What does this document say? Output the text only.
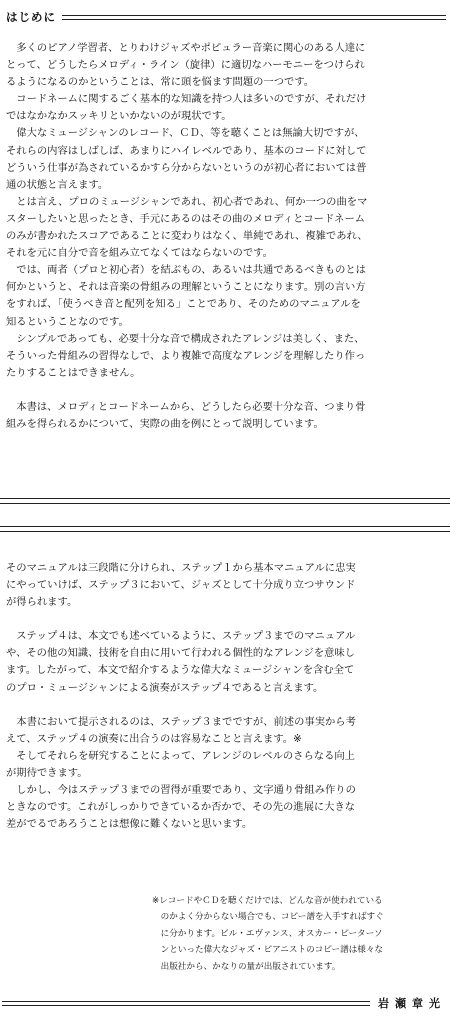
はじめに

　多くのピアノ学習者、とりわけジャズやポピュラー音楽に関心のある人達に

とって、どうしたらメロディ・ライン（旋律）に適切なハーモニーをつけられ

るようになるのかということは、常に頭を悩ます問題の一つです。

　コードネームに関するごく基本的な知識を持つ人は多いのですが、それだけ

ではなかなかスッキリといかないのが現状です。

　偉大なミュージシャンのレコード、ＣＤ、等を聴くことは無論大切ですが、

それらの内容はしばしば、あまりにハイレベルであり、基本のコードに対して

どういう仕事が為されているかすら分からないというのが初心者においては普

通の状態と言えます。

　とは言え、プロのミュージシャンであれ、初心者であれ、何か一つの曲をマ

スターしたいと思ったとき、手元にあるのはその曲のメロディとコードネーム

のみが書かれたスコアであることに変わりはなく、単純であれ、複雑であれ、

それを元に自分で音を組み立てなくてはならないのです。

　では、両者（プロと初心者）を結ぶもの、あるいは共通であるべきものとは

何かというと、それは音楽の骨組みの理解ということになります。別の言い方

をすれば、「使うべき音と配列を知る」ことであり、そのためのマニュアルを

知るということなのです。

　シンプルであっても、必要十分な音で構成されたアレンジは美しく、また、

そういった骨組みの習得なしで、より複雑で高度なアレンジを理解したり作っ

たりすることはできません。

　本書は、メロディとコードネームから、どうしたら必要十分な音、つまり骨

組みを得られるかについて、実際の曲を例にとって説明しています。

そのマニュアルは三段階に分けられ、ステップ１から基本マニュアルに忠実

にやっていけば、ステップ３において、ジャズとして十分成り立つサウンド

が得られます。

　ステップ４は、本文でも述べているように、ステップ３までのマニュアル

や、その他の知識、技術を自由に用いて行われる個性的なアレンジを意味し

ます。したがって、本文で紹介するような偉大なミュージシャンを含む全て

のプロ・ミュージシャンによる演奏がステップ４であると言えます。

　本書において提示されるのは、ステップ３までですが、前述の事実から考

えて、ステップ４の演奏に出合うのは容易なことと言えます。※

　そしてそれらを研究することによって、アレンジのレベルのさらなる向上

が期待できます。

　しかし、今はステップ３までの習得が重要であり、文字通り骨組み作りの

ときなのです。これがしっかりできているか否かで、その先の進展に大きな

差がでるであろうことは想像に難くないと思います。

※レコードやＣＤを聴くだけでは、どんな音が使われている

　のかよく分からない場合でも、コピー譜を入手すればすぐ

　に分かります。ビル・エヴァンス、オスカー・ピーターソ

　ンといった偉大なジャズ・ピアニストのコピー譜は様々な

　出版社から、かなりの量が出版されています。

岩瀬章光
